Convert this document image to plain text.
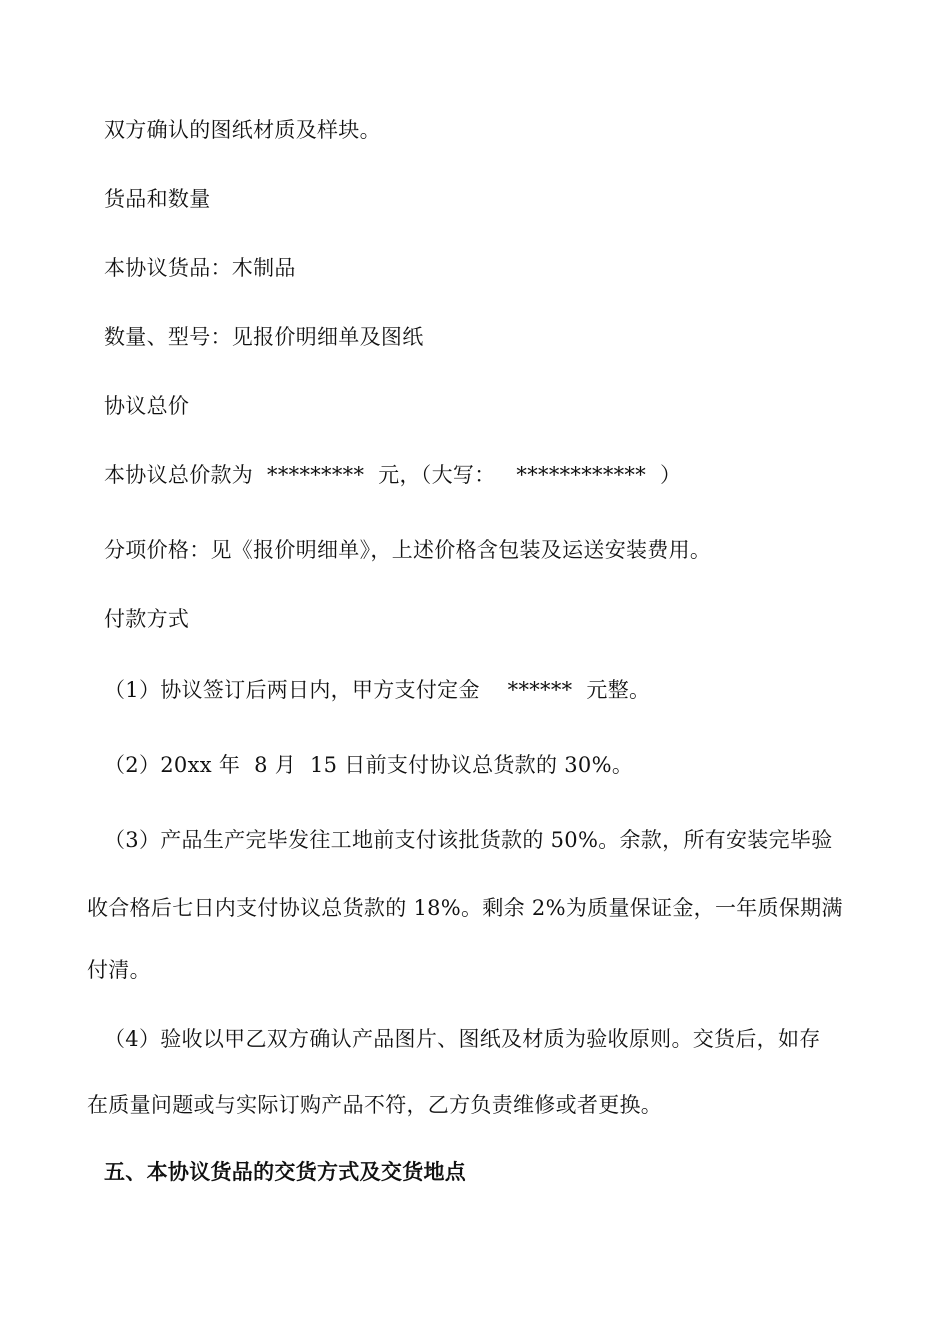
双方确认的图纸材质及样块。
货品和数量
本协议货品：木制品
数量、型号：见报价明细单及图纸
协议总价
本协议总价款为  *********  元，（大写：   ************  ）
分项价格：见《报价明细单》，上述价格含包装及运送安装费用。
付款方式
（1）协议签订后两日内，甲方支付定金    ******  元整。
（2）20xx 年  8 月  15 日前支付协议总货款的 30%。
（3）产品生产完毕发往工地前支付该批货款的 50%。余款，所有安装完毕验
收合格后七日内支付协议总货款的 18%。剩余 2%为质量保证金，一年质保期满
付清。
（4）验收以甲乙双方确认产品图片、图纸及材质为验收原则。交货后，如存
在质量问题或与实际订购产品不符，乙方负责维修或者更换。
五、本协议货品的交货方式及交货地点
